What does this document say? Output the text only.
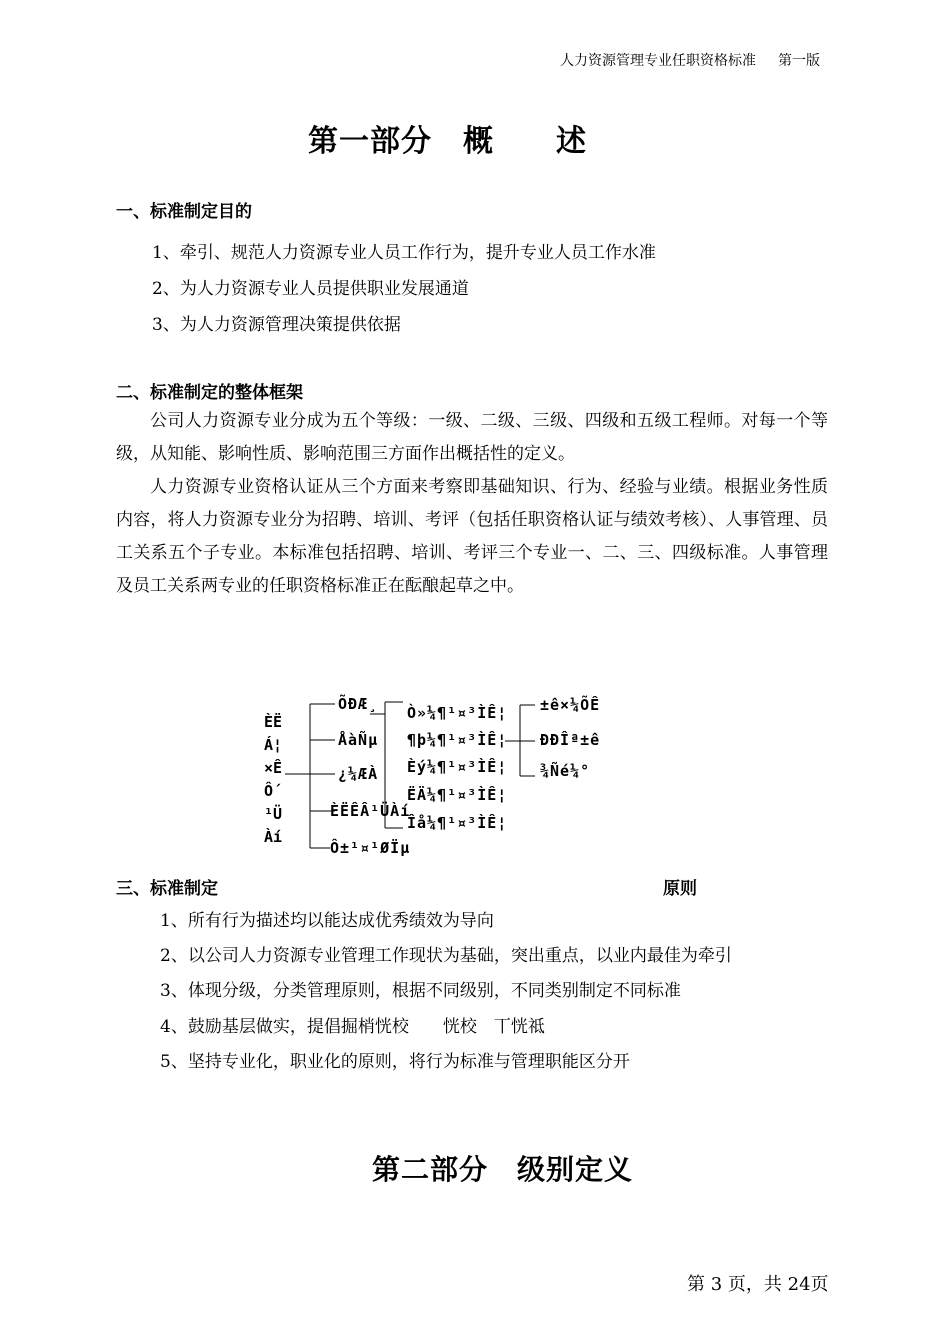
人力资源管理专业任职资格标准 第一版
第一部分　概　　述
一、标准制定目的
1、牵引、规范人力资源专业人员工作行为，提升专业人员工作水准
2、为人力资源专业人员提供职业发展通道
3、为人力资源管理决策提供依据
二、标准制定的整体框架

公司人力资源专业分成为五个等级：一级、二级、三级、四级和五级工程师。对每一个等级，从知能、影响性质、影响范围三方面作出概括性的定义。

人力资源专业资格认证从三个方面来考察即基础知识、行为、经验与业绩。根据业务性质内容，将人力资源专业分为招聘、培训、考评（包括任职资格认证与绩效考核）、人事管理、员工关系五个子专业。本标准包括招聘、培训、考评三个专业一、二、三、四级标准。人事管理及员工关系两专业的任职资格标准正在酝酿起草之中。

ÈË
Á¦
×Ê
Ô´
¹Ü
Àí
ÕÐÆ¸
ÅàÑµ
¿¼ÆÀ
ÈËÊÂ¹ÜÀí
Ô±¹¤¹ØÏµ
Ò»¼¶¹¤³ÌÊ¦
¶þ¼¶¹¤³ÌÊ¦
Èý¼¶¹¤³ÌÊ¦
ËÄ¼¶¹¤³ÌÊ¦
Îå¼¶¹¤³ÌÊ¦
±ê×¼ÕÊ
ÐÐÎª±ê
¾Ñé¼°
三、标准制定	原则
1、所有行为描述均以能达成优秀绩效为导向
2、以公司人力资源专业管理工作现状为基础，突出重点，以业内最佳为牵引
3、体现分级，分类管理原则，根据不同级别，不同类别制定不同标准
4、鼓励基层做实，提倡掘梢恍校　　恍校　丅恍祗
5、坚持专业化，职业化的原则，将行为标准与管理职能区分开
第二部分　级别定义
第 3 页，共 24页
